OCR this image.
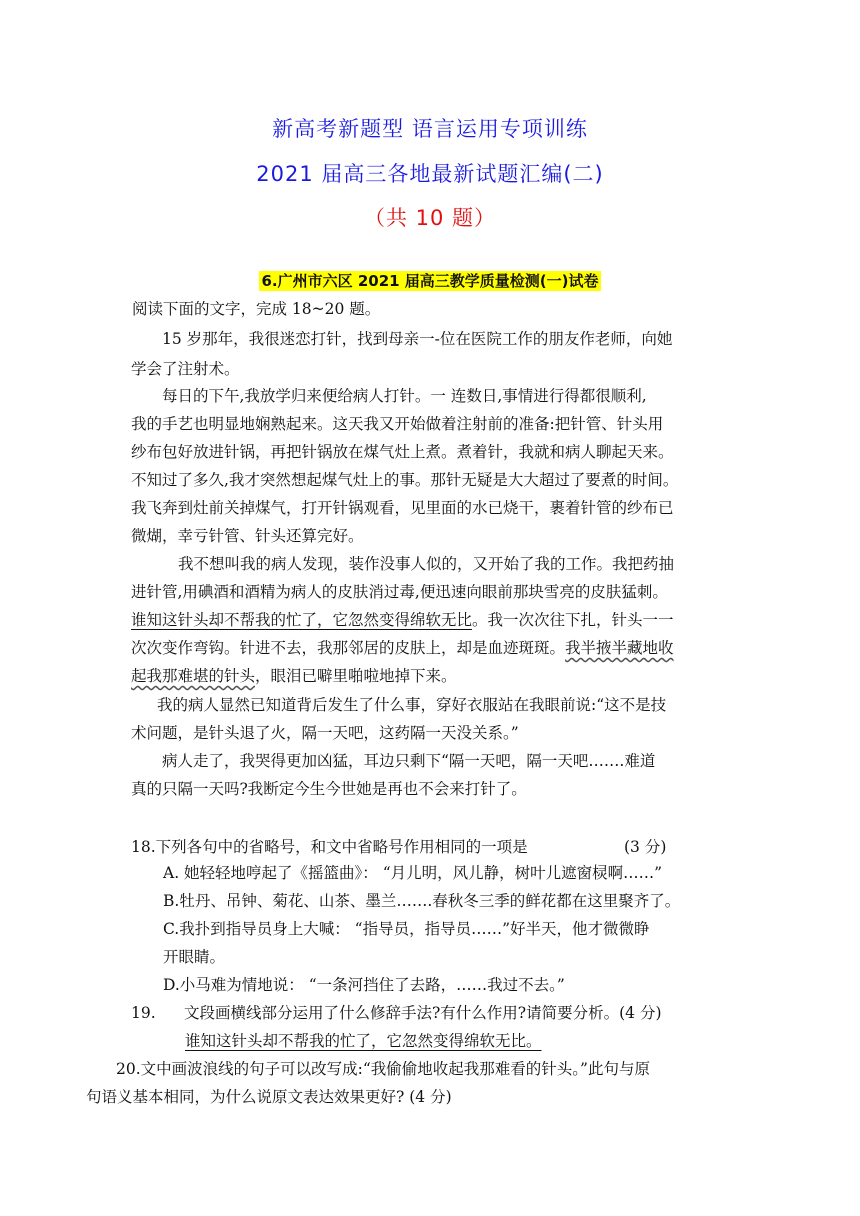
新高考新题型 语言运用专项训练
2021 届高三各地最新试题汇编(二)
（共 10 题）
6.广州市六区 2021 届高三教学质量检测(一)试卷
阅读下面的文字，完成 18~20 题。
15 岁那年，我很迷恋打针，找到母亲一-位在医院工作的朋友作老师，向她
学会了注射术。
每日的下午,我放学归来便给病人打针。一 连数日,事情进行得都很顺利,
我的手艺也明显地娴熟起来。这天我又开始做着注射前的准备:把针管、针头用
纱布包好放进针锅，再把针锅放在煤气灶上煮。煮着针，我就和病人聊起天来。
不知过了多久,我才突然想起煤气灶上的事。那针无疑是大大超过了要煮的时间。
我飞奔到灶前关掉煤气，打开针锅观看，见里面的水已烧干，裹着针管的纱布已
微煳，幸亏针管、针头还算完好。
我不想叫我的病人发现，装作没事人似的，又开始了我的工作。我把药抽
进针管,用碘酒和酒精为病人的皮肤消过毒,便迅速向眼前那块雪亮的皮肤猛刺。
谁知这针头却不帮我的忙了，它忽然变得绵软无比。我一次次往下扎，针头一一
次次变作弯钩。针进不去，我那邻居的皮肤上，却是血迹斑斑。我半掖半藏地收
起我那难堪的针头，眼泪已噼里啪啦地掉下来。
我的病人显然已知道背后发生了什么事，穿好衣服站在我眼前说:“这不是技
术问题，是针头退了火，隔一天吧，这药隔一天没关系。”
病人走了，我哭得更加凶猛，耳边只剩下“隔一天吧，隔一天吧…….难道
真的只隔一天吗?我断定今生今世她是再也不会来打针了。
18.下列各句中的省略号，和文中省略号作用相同的一项是	(3 分)
A. 她轻轻地哼起了《摇篮曲》： “月儿明，风儿静，树叶儿遮窗棂啊……”
B.牡丹、吊钟、菊花、山茶、墨兰…….春秋冬三季的鲜花都在这里聚齐了。
C.我扑到指导员身上大喊： “指导员，指导员……”好半天，他才微微睁
开眼睛。
D.小马难为情地说： “一条河挡住了去路，……我过不去。”
19. 文段画横线部分运用了什么修辞手法?有什么作用?请简要分析。(4 分)
谁知这针头却不帮我的忙了，它忽然变得绵软无比。
20.文中画波浪线的句子可以改写成:“我偷偷地收起我那难看的针头。”此句与原
句语义基本相同，为什么说原文表达效果更好? (4 分)
